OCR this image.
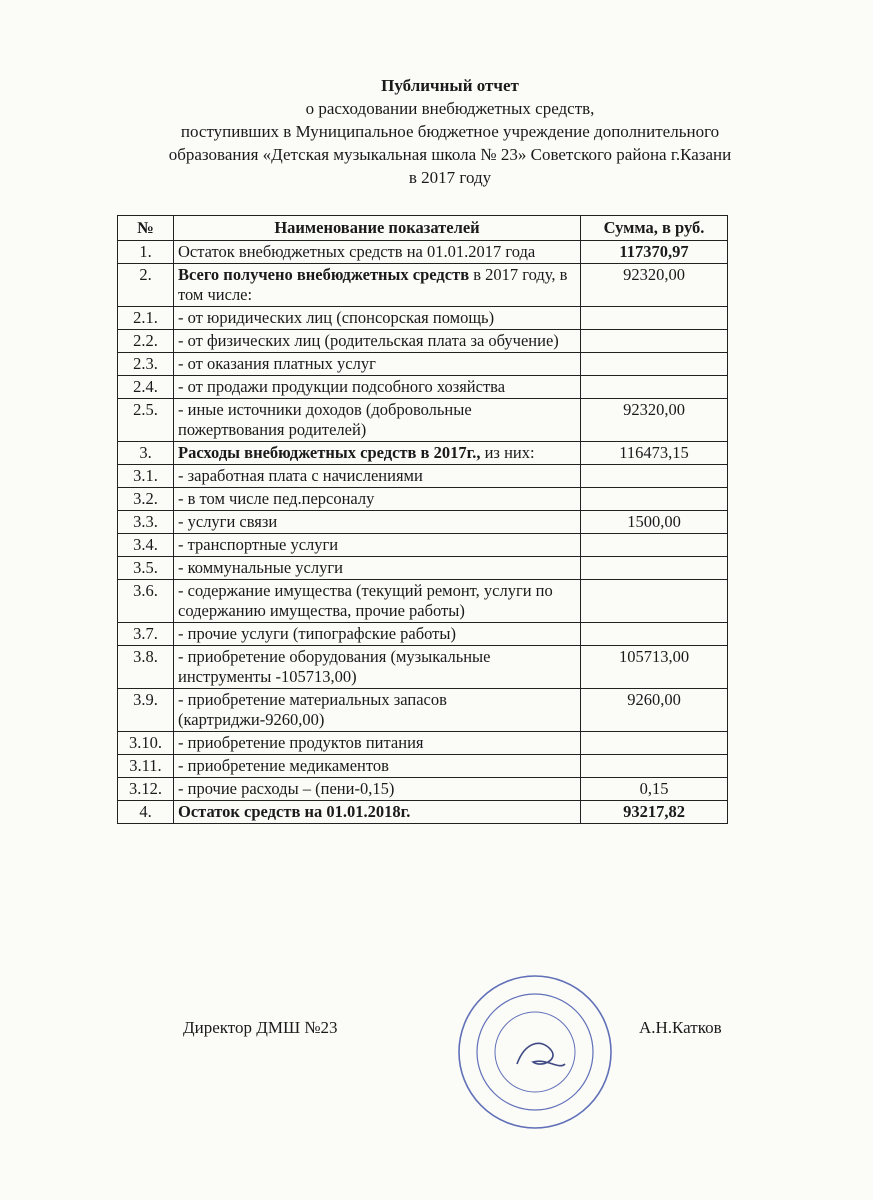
Публичный отчет
о расходовании внебюджетных средств,
поступивших в Муниципальное бюджетное учреждение дополнительного
образования «Детская музыкальная школа № 23» Советского района г.Казани
в 2017 году
№	Наименование показателей	Сумма, в руб.
1.	Остаток внебюджетных средств на 01.01.2017 года	117370,97
2.	Всего получено внебюджетных средств в 2017 году, в том числе:	92320,00
2.1.	- от юридических лиц (спонсорская помощь)	
2.2.	- от физических лиц (родительская плата за обучение)	
2.3.	- от оказания платных услуг	
2.4.	- от продажи продукции подсобного хозяйства	
2.5.	- иные источники доходов (добровольные пожертвования родителей)	92320,00
3.	Расходы внебюджетных средств в 2017г., из них:	116473,15
3.1.	- заработная плата с начислениями	
3.2.	- в том числе пед.персоналу	
3.3.	- услуги связи	1500,00
3.4.	- транспортные услуги	
3.5.	- коммунальные услуги	
3.6.	- содержание имущества (текущий ремонт, услуги по содержанию имущества, прочие работы)	
3.7.	- прочие услуги (типографские работы)	
3.8.	- приобретение оборудования (музыкальные инструменты -105713,00)	105713,00
3.9.	- приобретение материальных запасов (картриджи-9260,00)	9260,00
3.10.	- приобретение продуктов питания	
3.11.	- приобретение медикаментов	
3.12.	- прочие расходы – (пени-0,15)	0,15
4.	Остаток средств на 01.01.2018г.	93217,82
Директор ДМШ №23	А.Н.Катков
